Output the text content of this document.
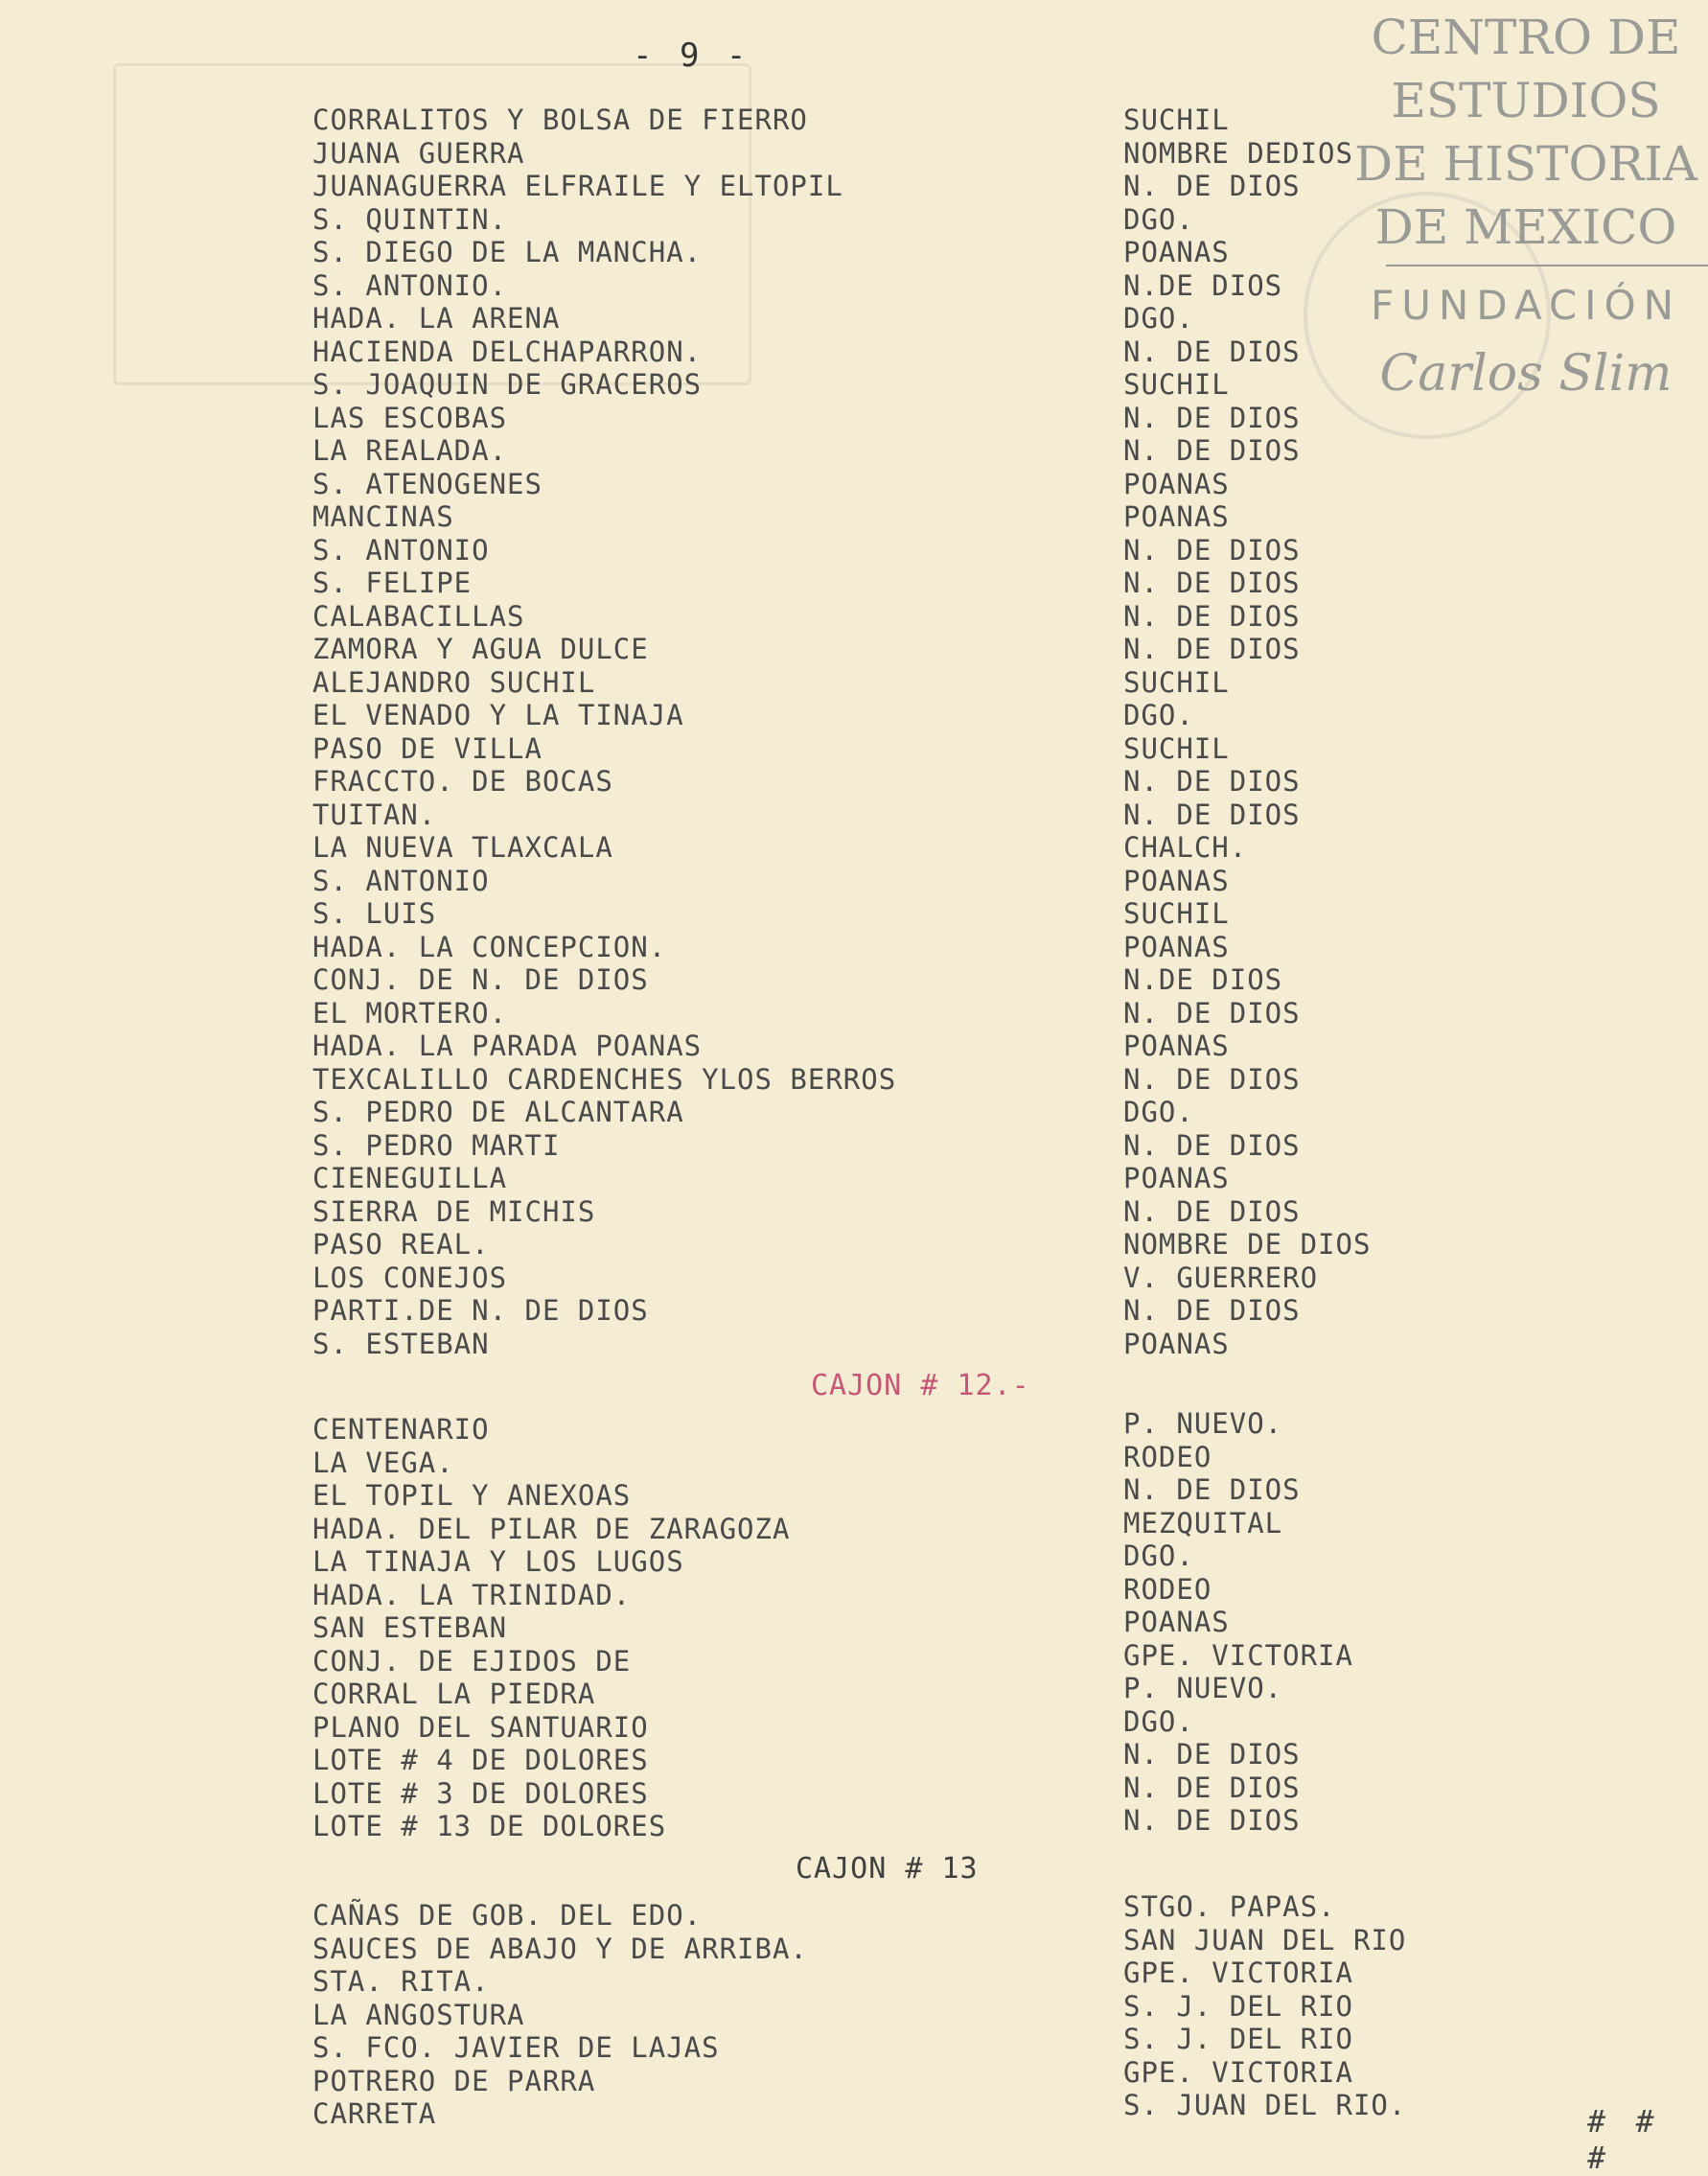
- 9 -	CENTRO DE
ESTUDIOS
DE HISTORIA
DE MEXICO
FUNDACIÓN
Carlos Slim
CORRALITOS Y BOLSA DE FIERRO
JUANA GUERRA
JUANAGUERRA ELFRAILE Y ELTOPIL
S. QUINTIN.
S. DIEGO DE LA MANCHA.
S. ANTONIO.
HADA. LA ARENA
HACIENDA DELCHAPARRON.
S. JOAQUIN DE GRACEROS
LAS ESCOBAS
LA REALADA.
S. ATENOGENES
MANCINAS
S. ANTONIO
S. FELIPE
CALABACILLAS
ZAMORA Y AGUA DULCE
ALEJANDRO SUCHIL
EL VENADO Y LA TINAJA
PASO DE VILLA
FRACCTO. DE BOCAS
TUITAN.
LA NUEVA TLAXCALA
S. ANTONIO
S. LUIS
HADA. LA CONCEPCION.
CONJ. DE N. DE DIOS
EL MORTERO.
HADA. LA PARADA POANAS
TEXCALILLO CARDENCHES YLOS BERROS
S. PEDRO DE ALCANTARA
S. PEDRO MARTI
CIENEGUILLA
SIERRA DE MICHIS
PASO REAL.
LOS CONEJOS
PARTI.DE N. DE DIOS
S. ESTEBAN
SUCHIL
NOMBRE DEDIOS
N. DE DIOS
DGO.
POANAS
N.DE DIOS
DGO.
N. DE DIOS
SUCHIL
N. DE DIOS
N. DE DIOS
POANAS
POANAS
N. DE DIOS
N. DE DIOS
N. DE DIOS
N. DE DIOS
SUCHIL
DGO.
SUCHIL
N. DE DIOS
N. DE DIOS
CHALCH.
POANAS
SUCHIL
POANAS
N.DE DIOS
N. DE DIOS
POANAS
N. DE DIOS
DGO.
N. DE DIOS
POANAS
N. DE DIOS
NOMBRE DE DIOS
V. GUERRERO
N. DE DIOS
POANAS
CAJON # 12.-
CENTENARIO
LA VEGA.
EL TOPIL Y ANEXOAS
HADA. DEL PILAR DE ZARAGOZA
LA TINAJA Y LOS LUGOS
HADA. LA TRINIDAD.
SAN ESTEBAN
CONJ. DE EJIDOS DE
CORRAL LA PIEDRA
PLANO DEL SANTUARIO
LOTE # 4 DE DOLORES
LOTE # 3 DE DOLORES
LOTE # 13 DE DOLORES
P. NUEVO.
RODEO
N. DE DIOS
MEZQUITAL
DGO.
RODEO
POANAS
GPE. VICTORIA
P. NUEVO.
DGO.
N. DE DIOS
N. DE DIOS
N. DE DIOS
CAJON # 13
CAÑAS DE GOB. DEL EDO.
SAUCES DE ABAJO Y DE ARRIBA.
STA. RITA.
LA ANGOSTURA
S. FCO. JAVIER DE LAJAS
POTRERO DE PARRA
CARRETA
STGO. PAPAS.
SAN JUAN DEL RIO
GPE. VICTORIA
S. J. DEL RIO
S. J. DEL RIO
GPE. VICTORIA
S. JUAN DEL RIO.	# # #
